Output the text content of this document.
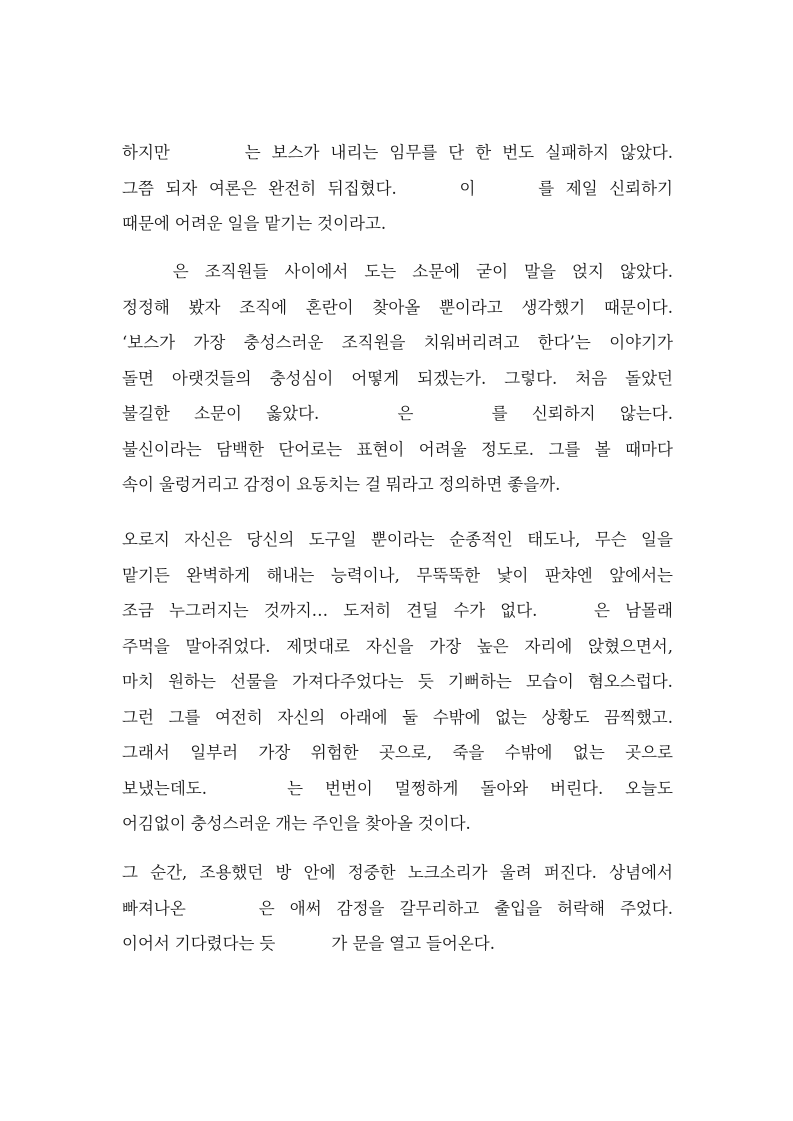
하지만	는 보스가 내리는 임무를 단 한 번도 실패하지 않았다.
그쯤 되자 여론은 완전히 뒤집혔다.	이	를 제일 신뢰하기
때문에 어려운 일을 맡기는 것이라고.
은 조직원들 사이에서 도는 소문에 굳이 말을 얹지 않았다.
정정해 봤자 조직에 혼란이 찾아올 뿐이라고 생각했기 때문이다.
‘보스가 가장 충성스러운 조직원을 치워버리려고 한다’는 이야기가
돌면 아랫것들의 충성심이 어떻게 되겠는가. 그렇다. 처음 돌았던
불길한 소문이 옳았다.	은	를 신뢰하지 않는다.
불신이라는 담백한 단어로는 표현이 어려울 정도로. 그를 볼 때마다
속이 울렁거리고 감정이 요동치는 걸 뭐라고 정의하면 좋을까.
오로지 자신은 당신의 도구일 뿐이라는 순종적인 태도나, 무슨 일을
맡기든 완벽하게 해내는 능력이나, 무뚝뚝한 낯이 판챠엔 앞에서는
조금 누그러지는 것까지… 도저히 견딜 수가 없다.	은 남몰래
주먹을 말아쥐었다. 제멋대로 자신을 가장 높은 자리에 앉혔으면서,
마치 원하는 선물을 가져다주었다는 듯 기뻐하는 모습이 혐오스럽다.
그런 그를 여전히 자신의 아래에 둘 수밖에 없는 상황도 끔찍했고.
그래서 일부러 가장 위험한 곳으로, 죽을 수밖에 없는 곳으로
보냈는데도.	는 번번이 멀쩡하게 돌아와 버린다. 오늘도
어김없이 충성스러운 개는 주인을 찾아올 것이다.
그 순간, 조용했던 방 안에 정중한 노크소리가 울려 퍼진다. 상념에서
빠져나온	은 애써 감정을 갈무리하고 출입을 허락해 주었다.
이어서 기다렸다는 듯	가 문을 열고 들어온다.
